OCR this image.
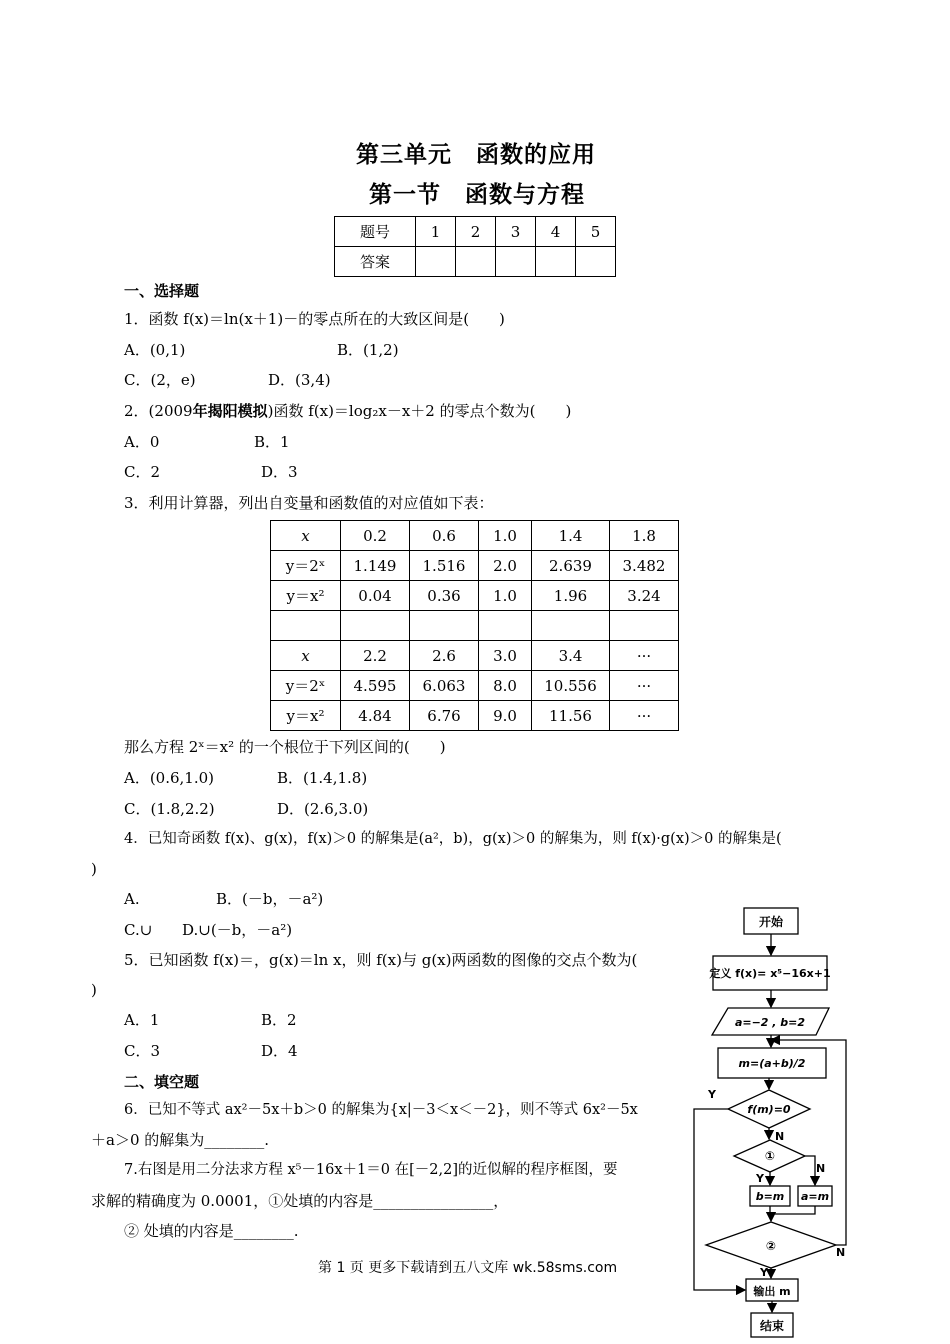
第三单元　函数的应用
第一节　函数与方程
题号	1	2	3	4	5
答案					
一、选择题
1．函数 f(x)＝ln(x＋1)－的零点所在的大致区间是(　　)
A．(0,1)	B．(1,2)
C．(2，e)	D．(3,4)
2．(2009年揭阳模拟)函数 f(x)＝log₂x－x＋2 的零点个数为(　　)
A．0	B．1
C．2	D．3
3．利用计算器，列出自变量和函数值的对应值如下表：
x	0.2	0.6	1.0	1.4	1.8
y＝2ˣ	1.149	1.516	2.0	2.639	3.482
y＝x²	0.04	0.36	1.0	1.96	3.24

x	2.2	2.6	3.0	3.4	···
y＝2ˣ	4.595	6.063	8.0	10.556	···
y＝x²	4.84	6.76	9.0	11.56	···
那么方程 2ˣ＝x² 的一个根位于下列区间的(　　)
A．(0.6,1.0)	B．(1.4,1.8)
C．(1.8,2.2)	D．(2.6,3.0)
4．已知奇函数 f(x)、g(x)，f(x)＞0 的解集是(a²，b)，g(x)＞0 的解集为，则 f(x)·g(x)＞0 的解集是(
)
A.	B．(－b，－a²)
C.∪ D.∪(－b，－a²)
5．已知函数 f(x)＝，g(x)＝ln x，则 f(x)与 g(x)两函数的图像的交点个数为(
)
A．1	B．2
C．3	D．4
二、填空题
6．已知不等式 ax²－5x＋b＞0 的解集为{x|－3＜x＜－2}，则不等式 6x²－5x
＋a＞0 的解集为________.
7.右图是用二分法求方程 x⁵－16x＋1＝0 在[－2,2]的近似解的程序框图，要
求解的精确度为 0.0001，①处填的内容是________________，
② 处填的内容是________.
第 1 页 更多下载请到五八文库 wk.58sms.com
开始
定义 f(x)= x⁵−16x+1
a=−2 , b=2
m=(a+b)/2
f(m)=0
①
b=m a=m
②
输出 m
结束
Y
N
Y
N
Y
N
